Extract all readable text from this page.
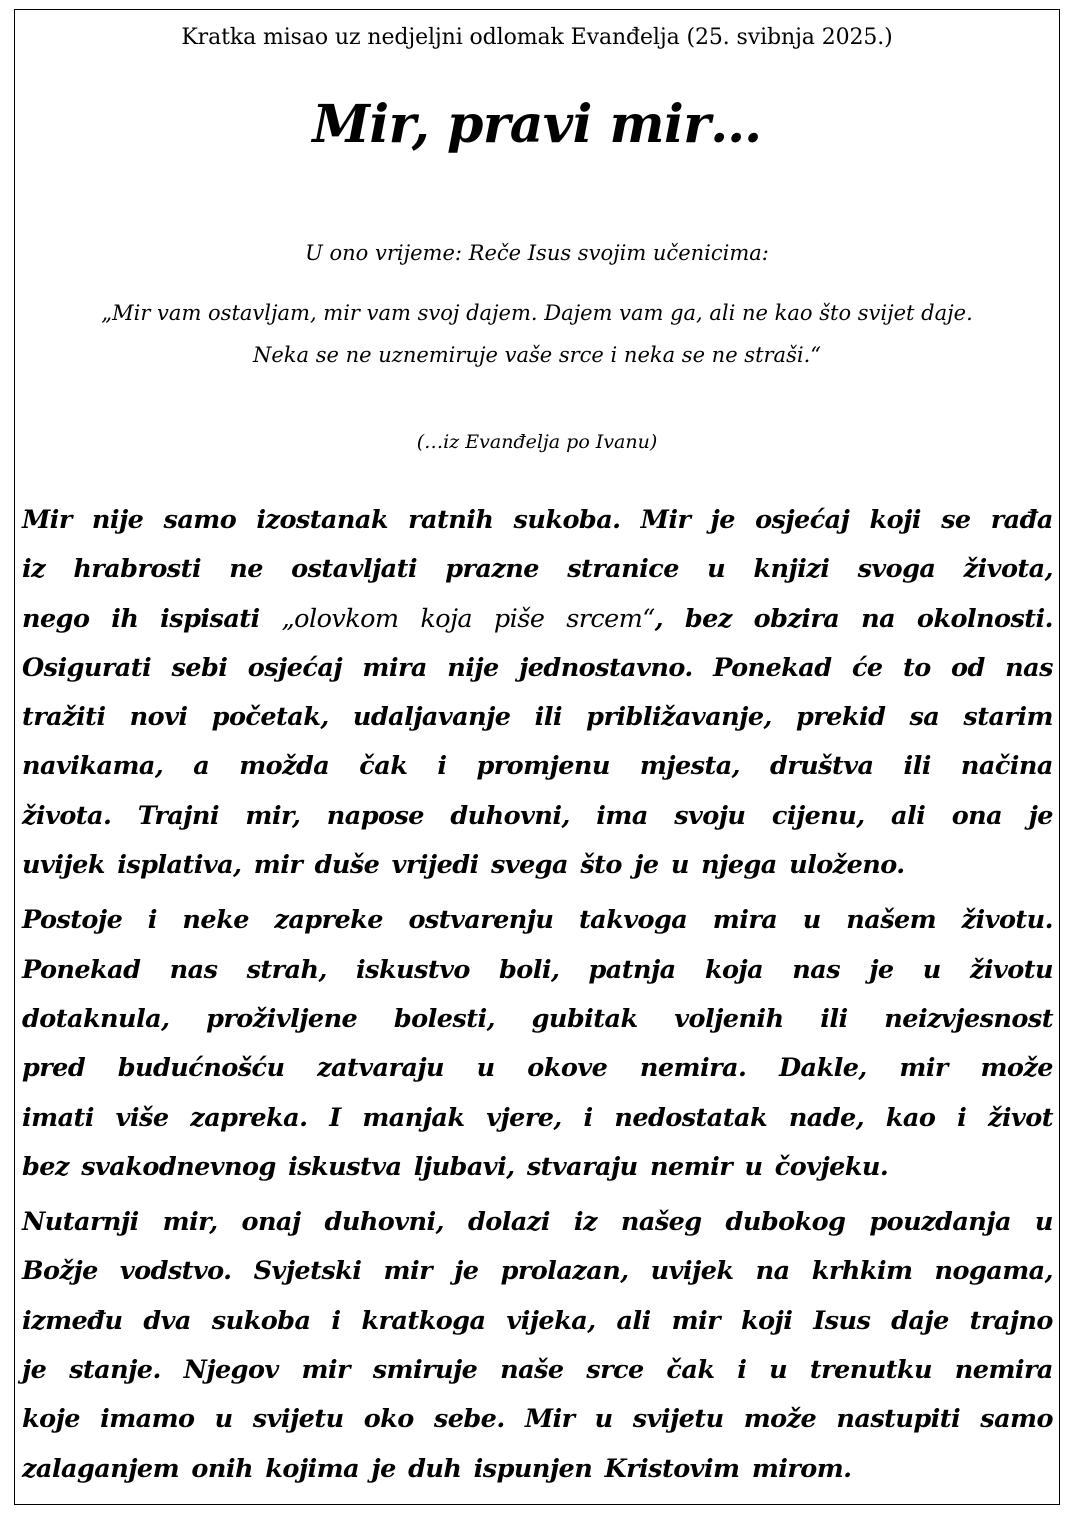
Kratka misao uz nedjeljni odlomak Evanđelja (25. svibnja 2025.)
Mir, pravi mir…
U ono vrijeme: Reče Isus svojim učenicima:
„Mir vam ostavljam, mir vam svoj dajem. Dajem vam ga, ali ne kao što svijet daje.
Neka se ne uznemiruje vaše srce i neka se ne straši.“
(…iz Evanđelja po Ivanu)
Mir nije samo izostanak ratnih sukoba. Mir je osjećaj koji se rađa
iz hrabrosti ne ostavljati prazne stranice u knjizi svoga života,
nego ih ispisati „olovkom koja piše srcem“, bez obzira na okolnosti.
Osigurati sebi osjećaj mira nije jednostavno. Ponekad će to od nas
tražiti novi početak, udaljavanje ili približavanje, prekid sa starim
navikama, a možda čak i promjenu mjesta, društva ili načina
života. Trajni mir, napose duhovni, ima svoju cijenu, ali ona je
uvijek isplativa, mir duše vrijedi svega što je u njega uloženo.
Postoje i neke zapreke ostvarenju takvoga mira u našem životu.
Ponekad nas strah, iskustvo boli, patnja koja nas je u životu
dotaknula, proživljene bolesti, gubitak voljenih ili neizvjesnost
pred budućnošću zatvaraju u okove nemira. Dakle, mir može
imati više zapreka. I manjak vjere, i nedostatak nade, kao i život
bez svakodnevnog iskustva ljubavi, stvaraju nemir u čovjeku.
Nutarnji mir, onaj duhovni, dolazi iz našeg dubokog pouzdanja u
Božje vodstvo. Svjetski mir je prolazan, uvijek na krhkim nogama,
između dva sukoba i kratkoga vijeka, ali mir koji Isus daje trajno
je stanje. Njegov mir smiruje naše srce čak i u trenutku nemira
koje imamo u svijetu oko sebe. Mir u svijetu može nastupiti samo
zalaganjem onih kojima je duh ispunjen Kristovim mirom.
